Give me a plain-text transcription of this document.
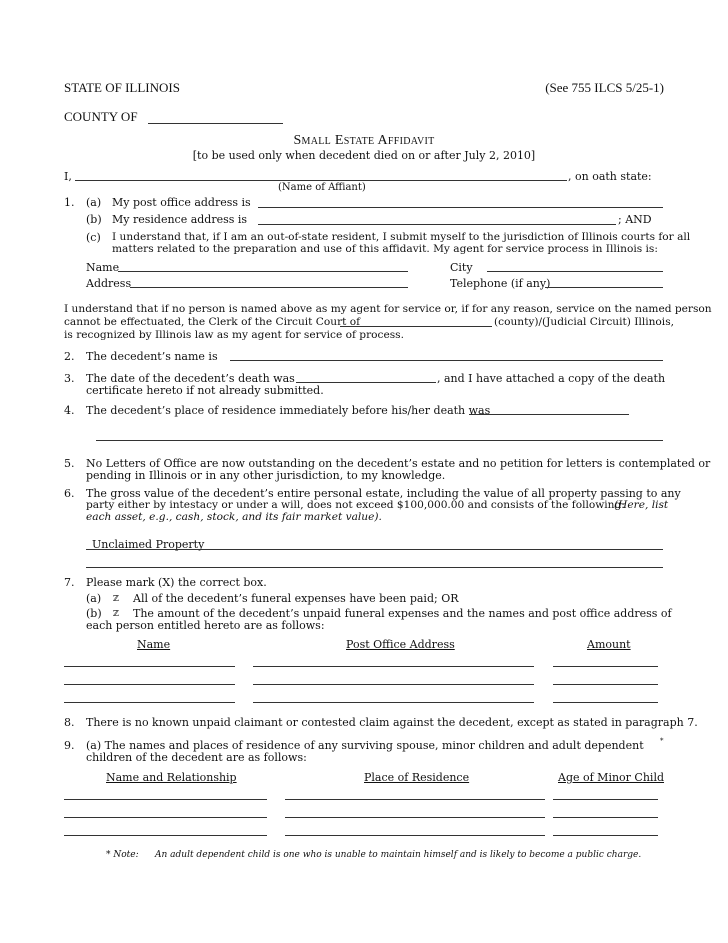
STATE OF ILLINOIS	(See 755 ILCS 5/25-1)
COUNTY OF
Small Estate Affidavit
[to be used only when decedent died on or after July 2, 2010]
I,	, on oath state:
(Name of Affiant)
1. (a) My post office address is
(b) My residence address is	; AND
(c) I understand that, if I am an out-of-state resident, I submit myself to the jurisdiction of Illinois courts for all
matters related to the preparation and use of this affidavit. My agent for service process in Illinois is:
Name	City
Address	Telephone (if any)
I understand that if no person is named above as my agent for service or, if for any reason, service on the named person
cannot be effectuated, the Clerk of the Circuit Court of	(county)/(Judicial Circuit) Illinois,
is recognized by Illinois law as my agent for service of process.
2. The decedent’s name is
3. The date of the decedent’s death was	, and I have attached a copy of the death
certificate hereto if not already submitted.
4. The decedent’s place of residence immediately before his/her death was
5. No Letters of Office are now outstanding on the decedent’s estate and no petition for letters is contemplated or
pending in Illinois or in any other jurisdiction, to my knowledge.
6. The gross value of the decedent’s entire personal estate, including the value of all property passing to any
party either by intestacy or under a will, does not exceed $100,000.00 and consists of the following:
(Here, list
each asset, e.g., cash, stock, and its fair market value).
Unclaimed Property
7. Please mark (X) the correct box.
(a) ℤ All of the decedent’s funeral expenses have been paid; OR
(b) ℤ The amount of the decedent’s unpaid funeral expenses and the names and post office address of
each person entitled hereto are as follows:
Name	Post Office Address	Amount
8. There is no known unpaid claimant or contested claim against the decedent, except as stated in paragraph 7.
9. (a) The names and places of residence of any surviving spouse, minor children and adult dependent *
children of the decedent are as follows:
Name and Relationship	Place of Residence	Age of Minor Child
* Note: An adult dependent child is one who is unable to maintain himself and is likely to become a public charge.
